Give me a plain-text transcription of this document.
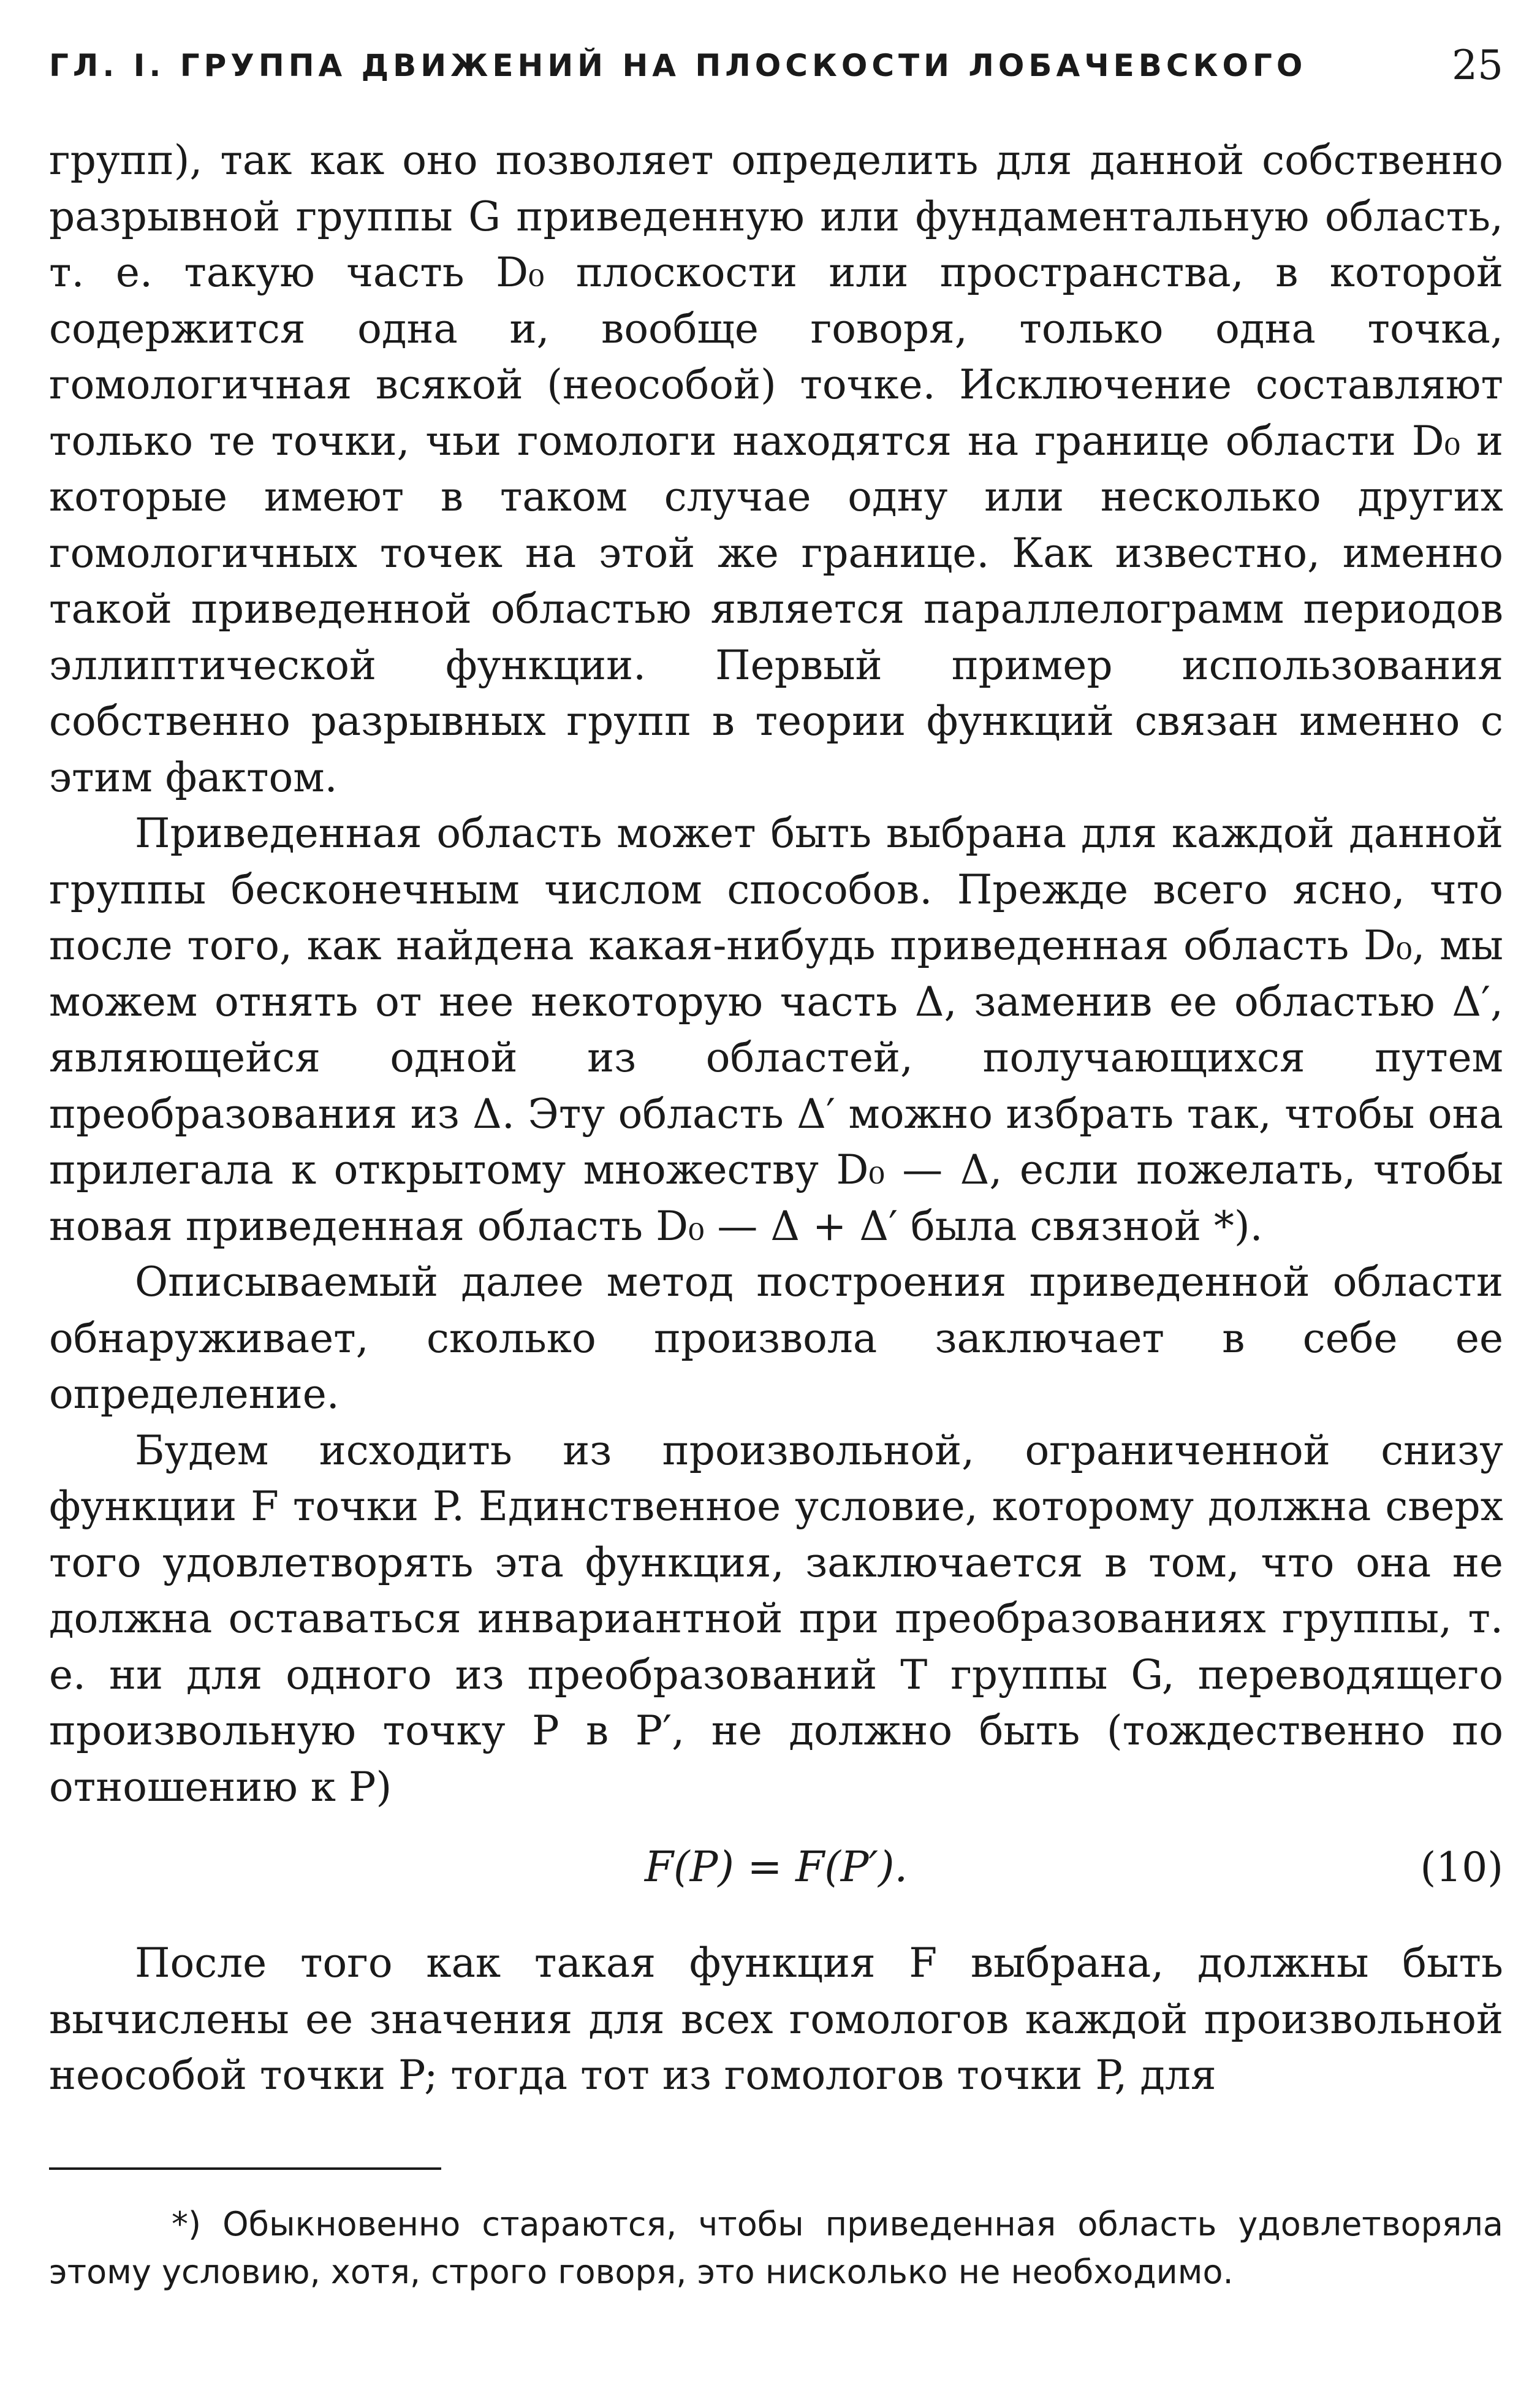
ГЛ. I. ГРУППА ДВИЖЕНИЙ НА ПЛОСКОСТИ ЛОБАЧЕВСКОГО	25

групп), так как оно позволяет определить для данной собственно разрывной группы G приведенную или фундаментальную область, т. е. такую часть D₀ плоскости или пространства, в которой содержится одна и, вообще говоря, только одна точка, гомологичная всякой (неособой) точке. Исключение составляют только те точки, чьи гомологи находятся на границе области D₀ и которые имеют в таком случае одну или несколько других гомологичных точек на этой же границе. Как известно, именно такой приведенной областью является параллелограмм периодов эллиптической функции. Первый пример использования собственно разрывных групп в теории функций связан именно с этим фактом.

Приведенная область может быть выбрана для каждой данной группы бесконечным числом способов. Прежде всего ясно, что после того, как найдена какая-нибудь приведенная область D₀, мы можем отнять от нее некоторую часть Δ, заменив ее областью Δ′, являющейся одной из областей, получающихся путем преобразования из Δ. Эту область Δ′ можно избрать так, чтобы она прилегала к открытому множеству D₀ — Δ, если пожелать, чтобы новая приведенная область D₀ — Δ + Δ′ была связной *).

Описываемый далее метод построения приведенной области обнаруживает, сколько произвола заключает в себе ее определение.

Будем исходить из произвольной, ограниченной снизу функции F точки P. Единственное условие, которому должна сверх того удовлетворять эта функция, заключается в том, что она не должна оставаться инвариантной при преобразованиях группы, т. е. ни для одного из преобразований T группы G, переводящего произвольную точку P в P′, не должно быть (тождественно по отношению к P)

F(P) = F(P′).	(10)

После того как такая функция F выбрана, должны быть вычислены ее значения для всех гомологов каждой произвольной неособой точки P; тогда тот из гомологов точки P, для

*) Обыкновенно стараются, чтобы приведенная область удовлетворяла этому условию, хотя, строго говоря, это нисколько не необходимо.
